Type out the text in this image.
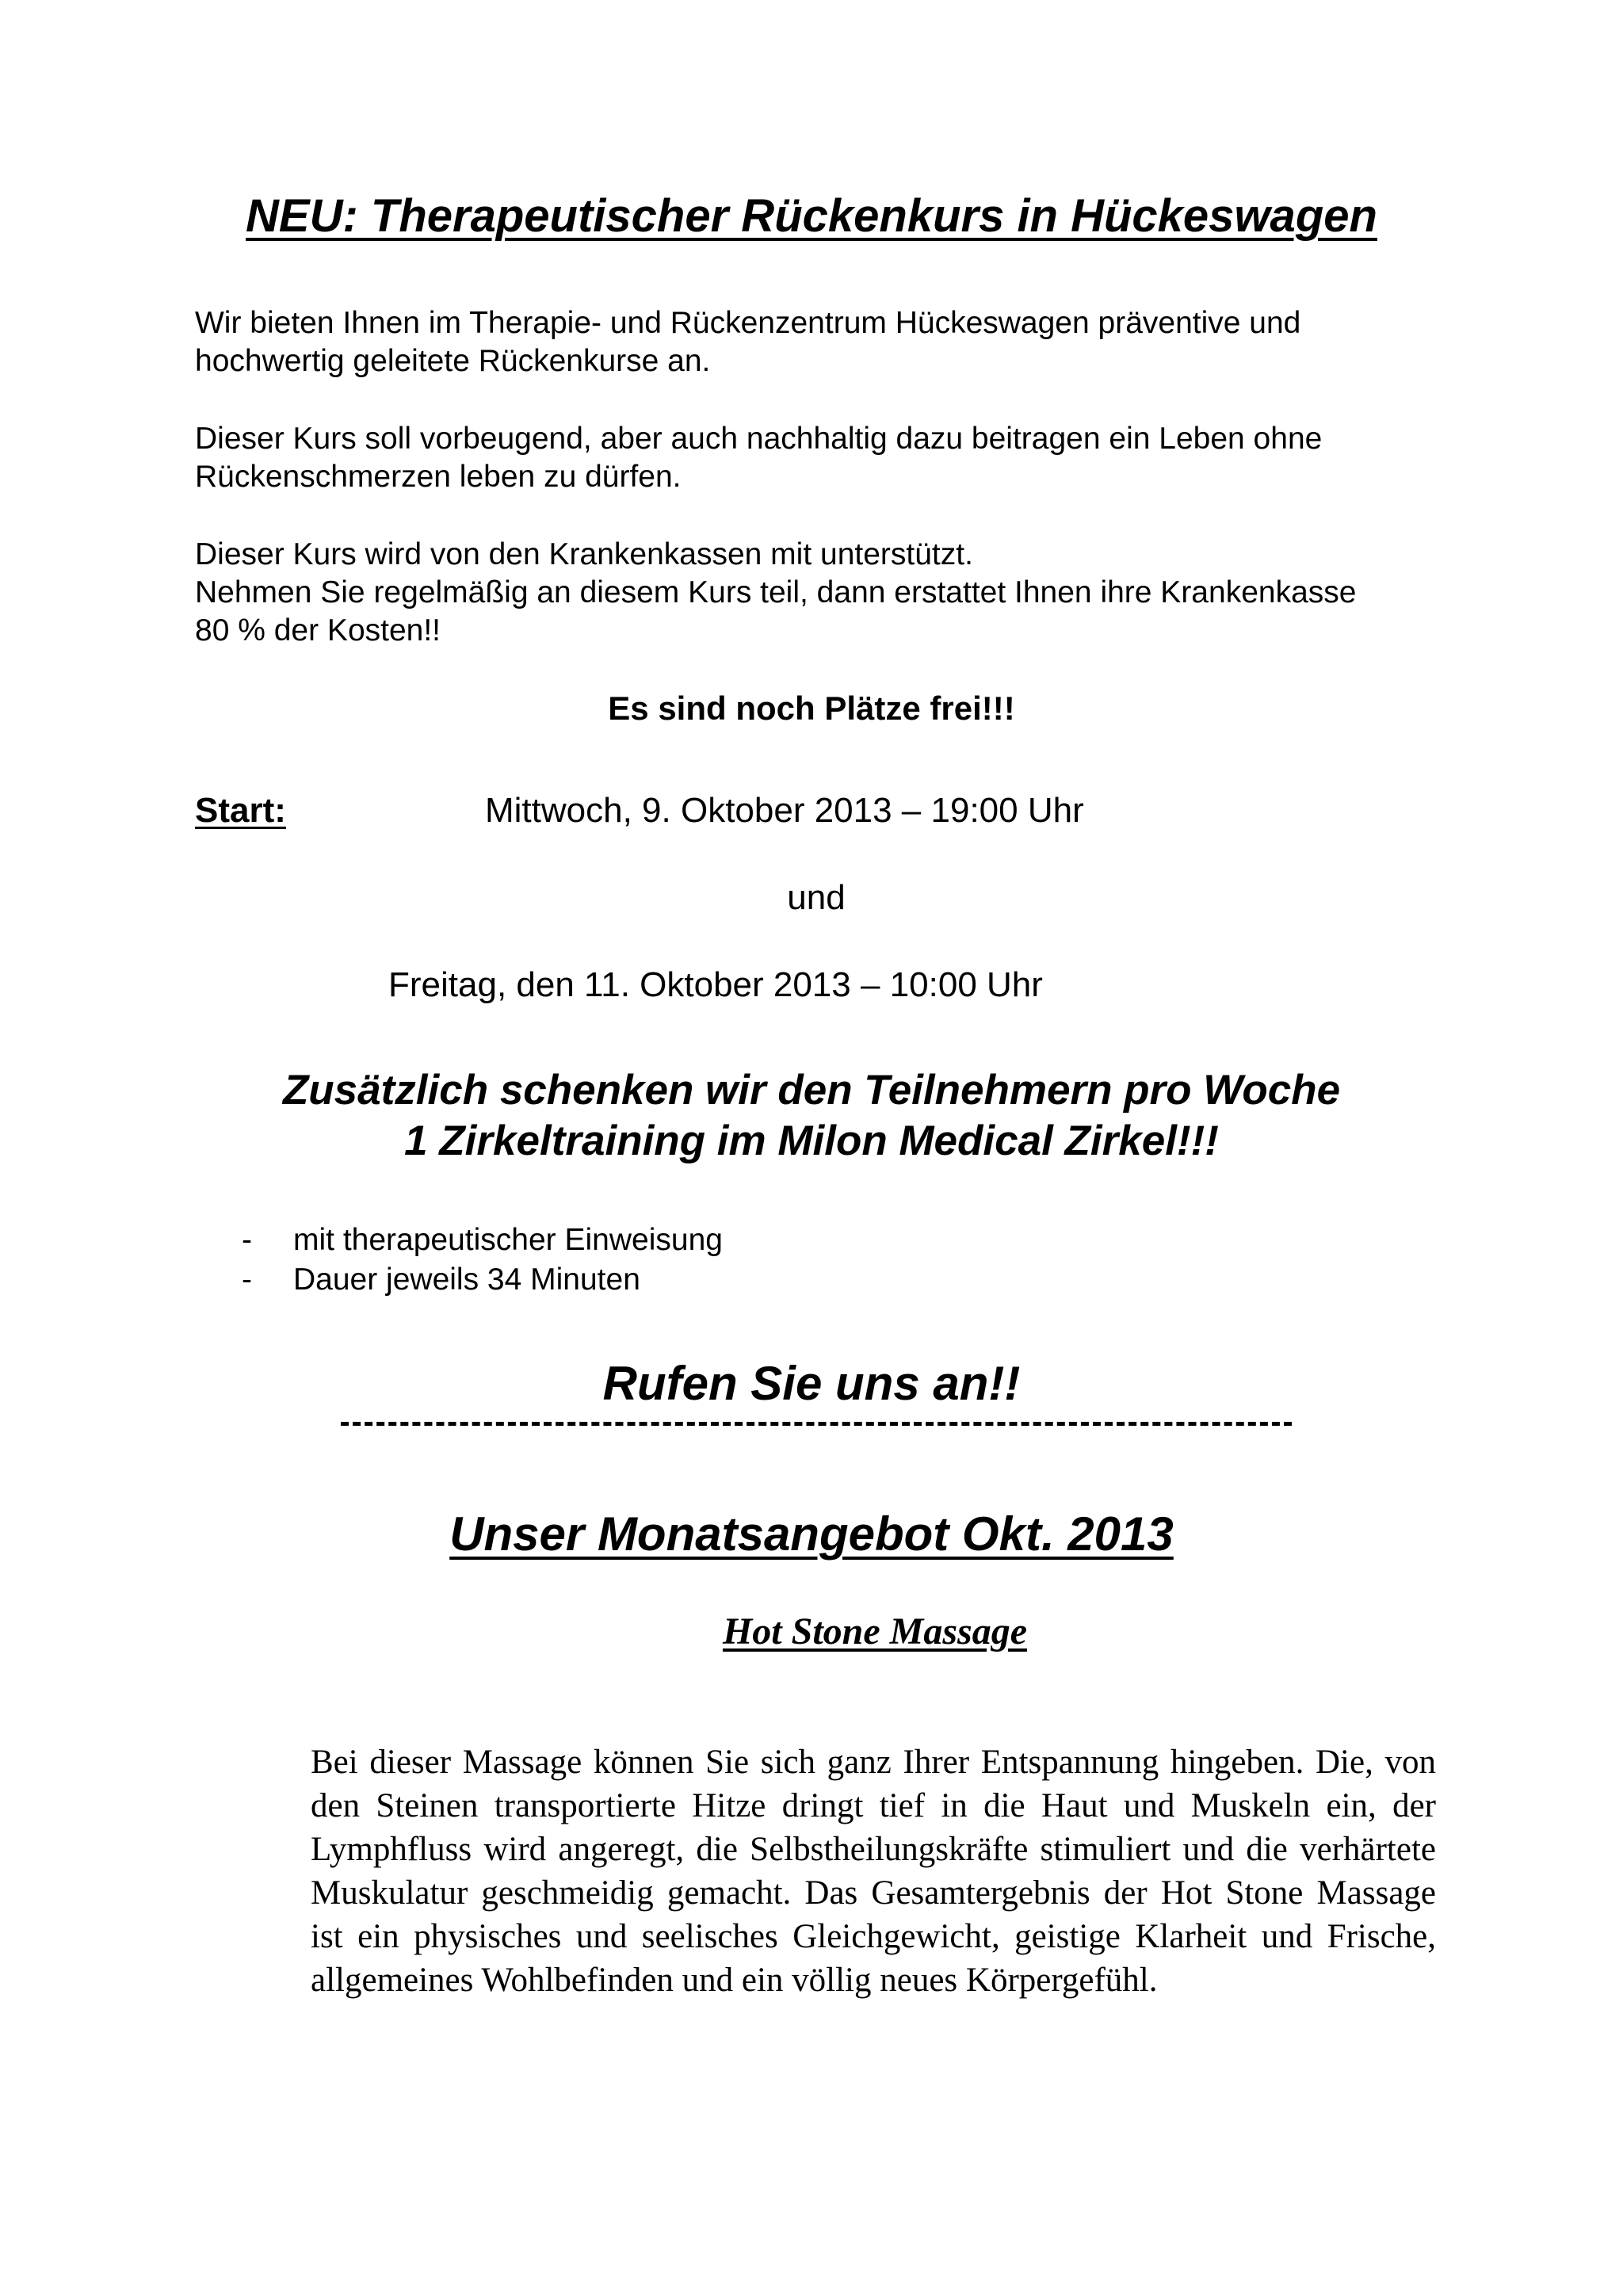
NEU: Therapeutischer Rückenkurs in Hückeswagen
Wir bieten Ihnen im Therapie- und Rückenzentrum Hückeswagen präventive und
hochwertig geleitete Rückenkurse an.
Dieser Kurs soll vorbeugend, aber auch nachhaltig dazu beitragen ein Leben ohne
Rückenschmerzen leben zu dürfen.
Dieser Kurs wird von den Krankenkassen mit unterstützt.
Nehmen Sie regelmäßig an diesem Kurs teil, dann erstattet Ihnen ihre Krankenkasse
80 % der Kosten!!
Es sind noch Plätze frei!!!
Start:	Mittwoch, 9. Oktober 2013 – 19:00 Uhr
und
Freitag, den 11. Oktober 2013 – 10:00 Uhr
Zusätzlich schenken wir den Teilnehmern pro Woche
1 Zirkeltraining im Milon Medical Zirkel!!!
-	mit therapeutischer Einweisung
-	Dauer jeweils 34 Minuten
Rufen Sie uns an!!
Unser Monatsangebot Okt. 2013
Hot Stone Massage
Bei dieser Massage können Sie sich ganz Ihrer Entspannung hingeben. Die, von den Steinen transportierte Hitze dringt tief in die Haut und Muskeln ein, der Lymphfluss wird angeregt, die Selbstheilungskräfte stimuliert und die verhärtete Muskulatur geschmeidig gemacht. Das Gesamtergebnis der Hot Stone Massage ist ein physisches und seelisches Gleichgewicht, geistige Klarheit und Frische, allgemeines Wohlbefinden und ein völlig neues Körpergefühl.
